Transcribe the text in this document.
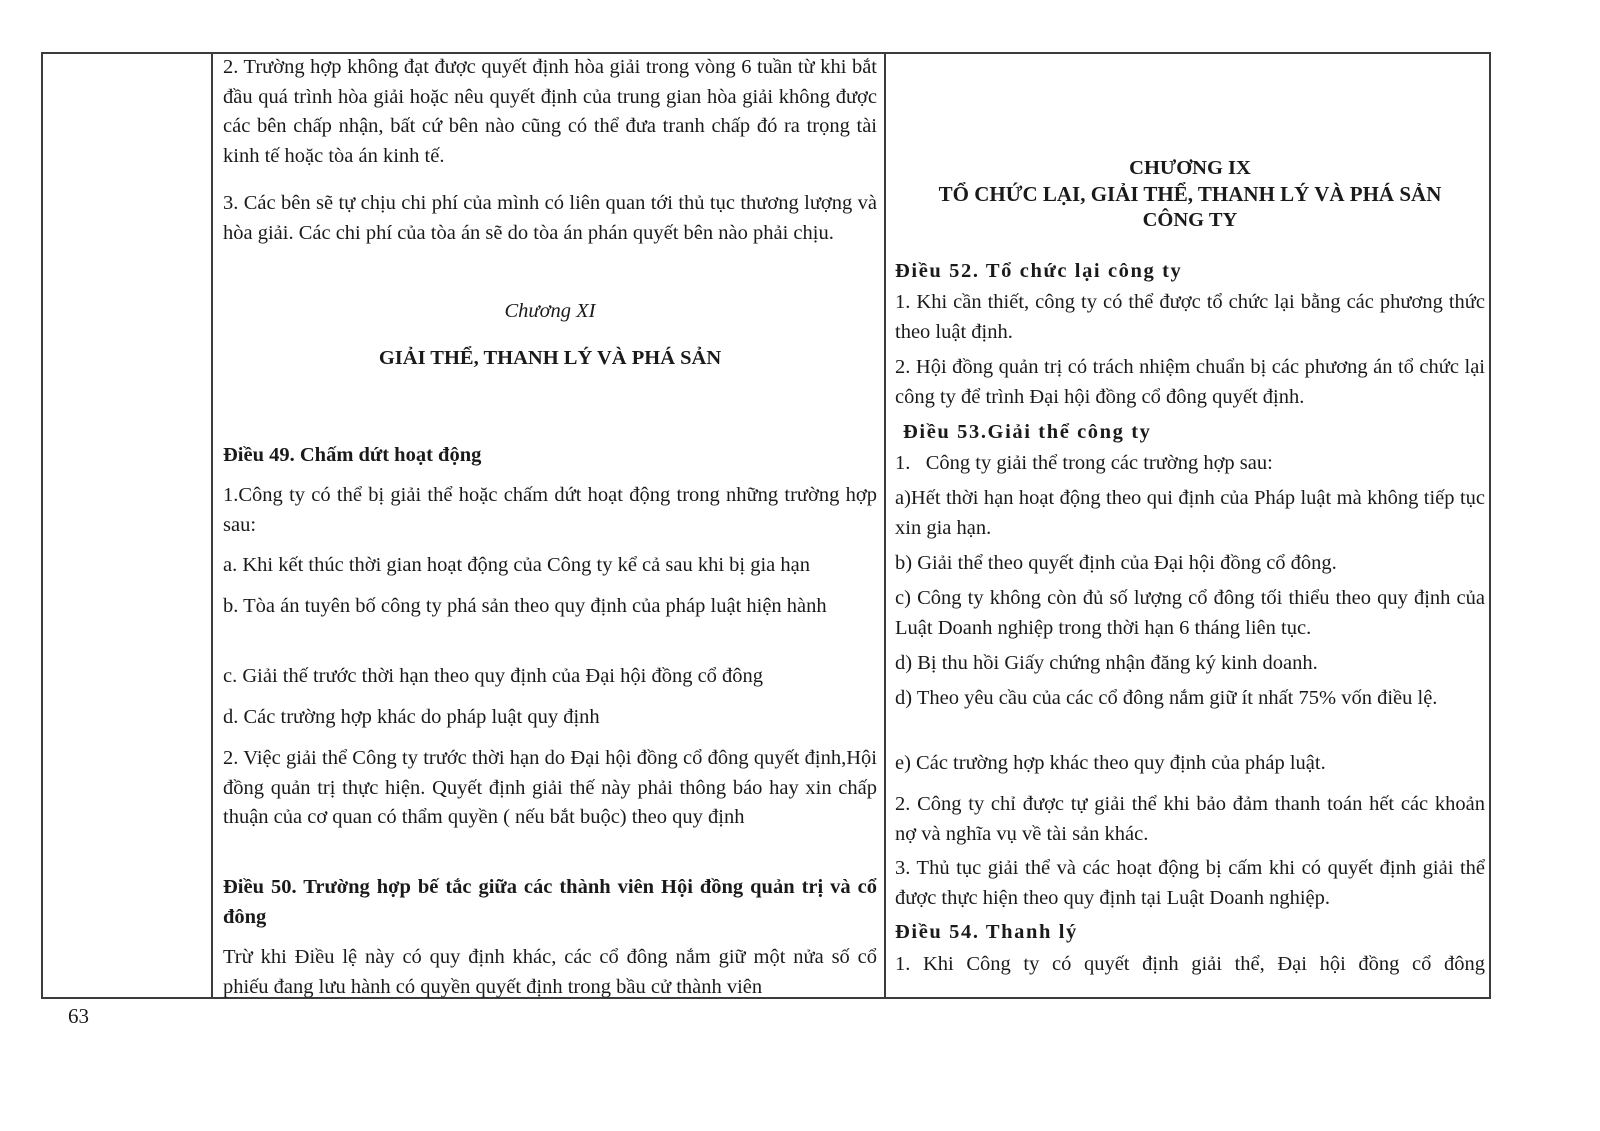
2. Trường hợp không đạt được quyết định hòa giải trong vòng 6 tuần từ khi bắt đầu quá trình hòa giải hoặc nêu quyết định của trung gian hòa giải không được các bên chấp nhận, bất cứ bên nào cũng có thể đưa tranh chấp đó ra trọng tài kinh tế hoặc tòa án kinh tế.

3. Các bên sẽ tự chịu chi phí của mình có liên quan tới thủ tục thương lượng và hòa giải. Các chi phí của tòa án sẽ do tòa án phán quyết bên nào phải chịu.

Chương XI

GIẢI THỂ, THANH LÝ VÀ PHÁ SẢN

Điều 49. Chấm dứt hoạt động

1.Công ty có thể bị giải thể hoặc chấm dứt hoạt động trong những trường hợp sau:

a. Khi kết thúc thời gian hoạt động của Công ty kể cả sau khi bị gia hạn

b. Tòa án tuyên bố công ty phá sản theo quy định của pháp luật hiện hành

c. Giải thế trước thời hạn theo quy định của Đại hội đồng cổ đông

d. Các trường hợp khác do pháp luật quy định

2. Việc giải thể Công ty trước thời hạn do Đại hội đồng cổ đông quyết định,Hội đồng quản trị thực hiện. Quyết định giải thế này phải thông báo hay xin chấp thuận của cơ quan có thẩm quyền ( nếu bắt buộc) theo quy định

Điều 50. Trường hợp bế tắc giữa các thành viên Hội đồng quản trị và cổ đông

Trừ khi Điều lệ này có quy định khác, các cổ đông nắm giữ một nửa số cổ phiếu đang lưu hành có quyền quyết định trong bầu cử thành viên

CHƯƠNG IX

TỔ CHỨC LẠI, GIẢI THỂ, THANH LÝ VÀ PHÁ SẢN

CÔNG TY

Điều 52. Tổ chức lại công ty

1. Khi cần thiết, công ty có thể được tổ chức lại bằng các phương thức theo luật định.

2. Hội đồng quản trị có trách nhiệm chuẩn bị các phương án tổ chức lại công ty để trình Đại hội đồng cổ đông quyết định.

Điều 53.Giải thể công ty

1.   Công ty giải thể trong các trường hợp sau:

a)Hết thời hạn hoạt động theo qui định của Pháp luật mà không tiếp tục xin gia hạn.

b) Giải thể theo quyết định của Đại hội đồng cổ đông.

c) Công ty không còn đủ số lượng cổ đông tối thiểu theo quy định của Luật Doanh nghiệp trong thời hạn 6 tháng liên tục.

d) Bị thu hồi Giấy chứng nhận đăng ký kinh doanh.

d) Theo yêu cầu của các cổ đông nắm giữ ít nhất 75% vốn điều lệ.

e) Các trường hợp khác theo quy định của pháp luật.

2. Công ty chỉ được tự giải thể khi bảo đảm thanh toán hết các khoản nợ và nghĩa vụ về tài sản khác.

3. Thủ tục giải thể và các hoạt động bị cấm khi có quyết định giải thể được thực hiện theo quy định tại Luật Doanh nghiệp.

Điều 54. Thanh lý

1. Khi Công ty có quyết định giải thể, Đại hội đồng cổ đông

63
